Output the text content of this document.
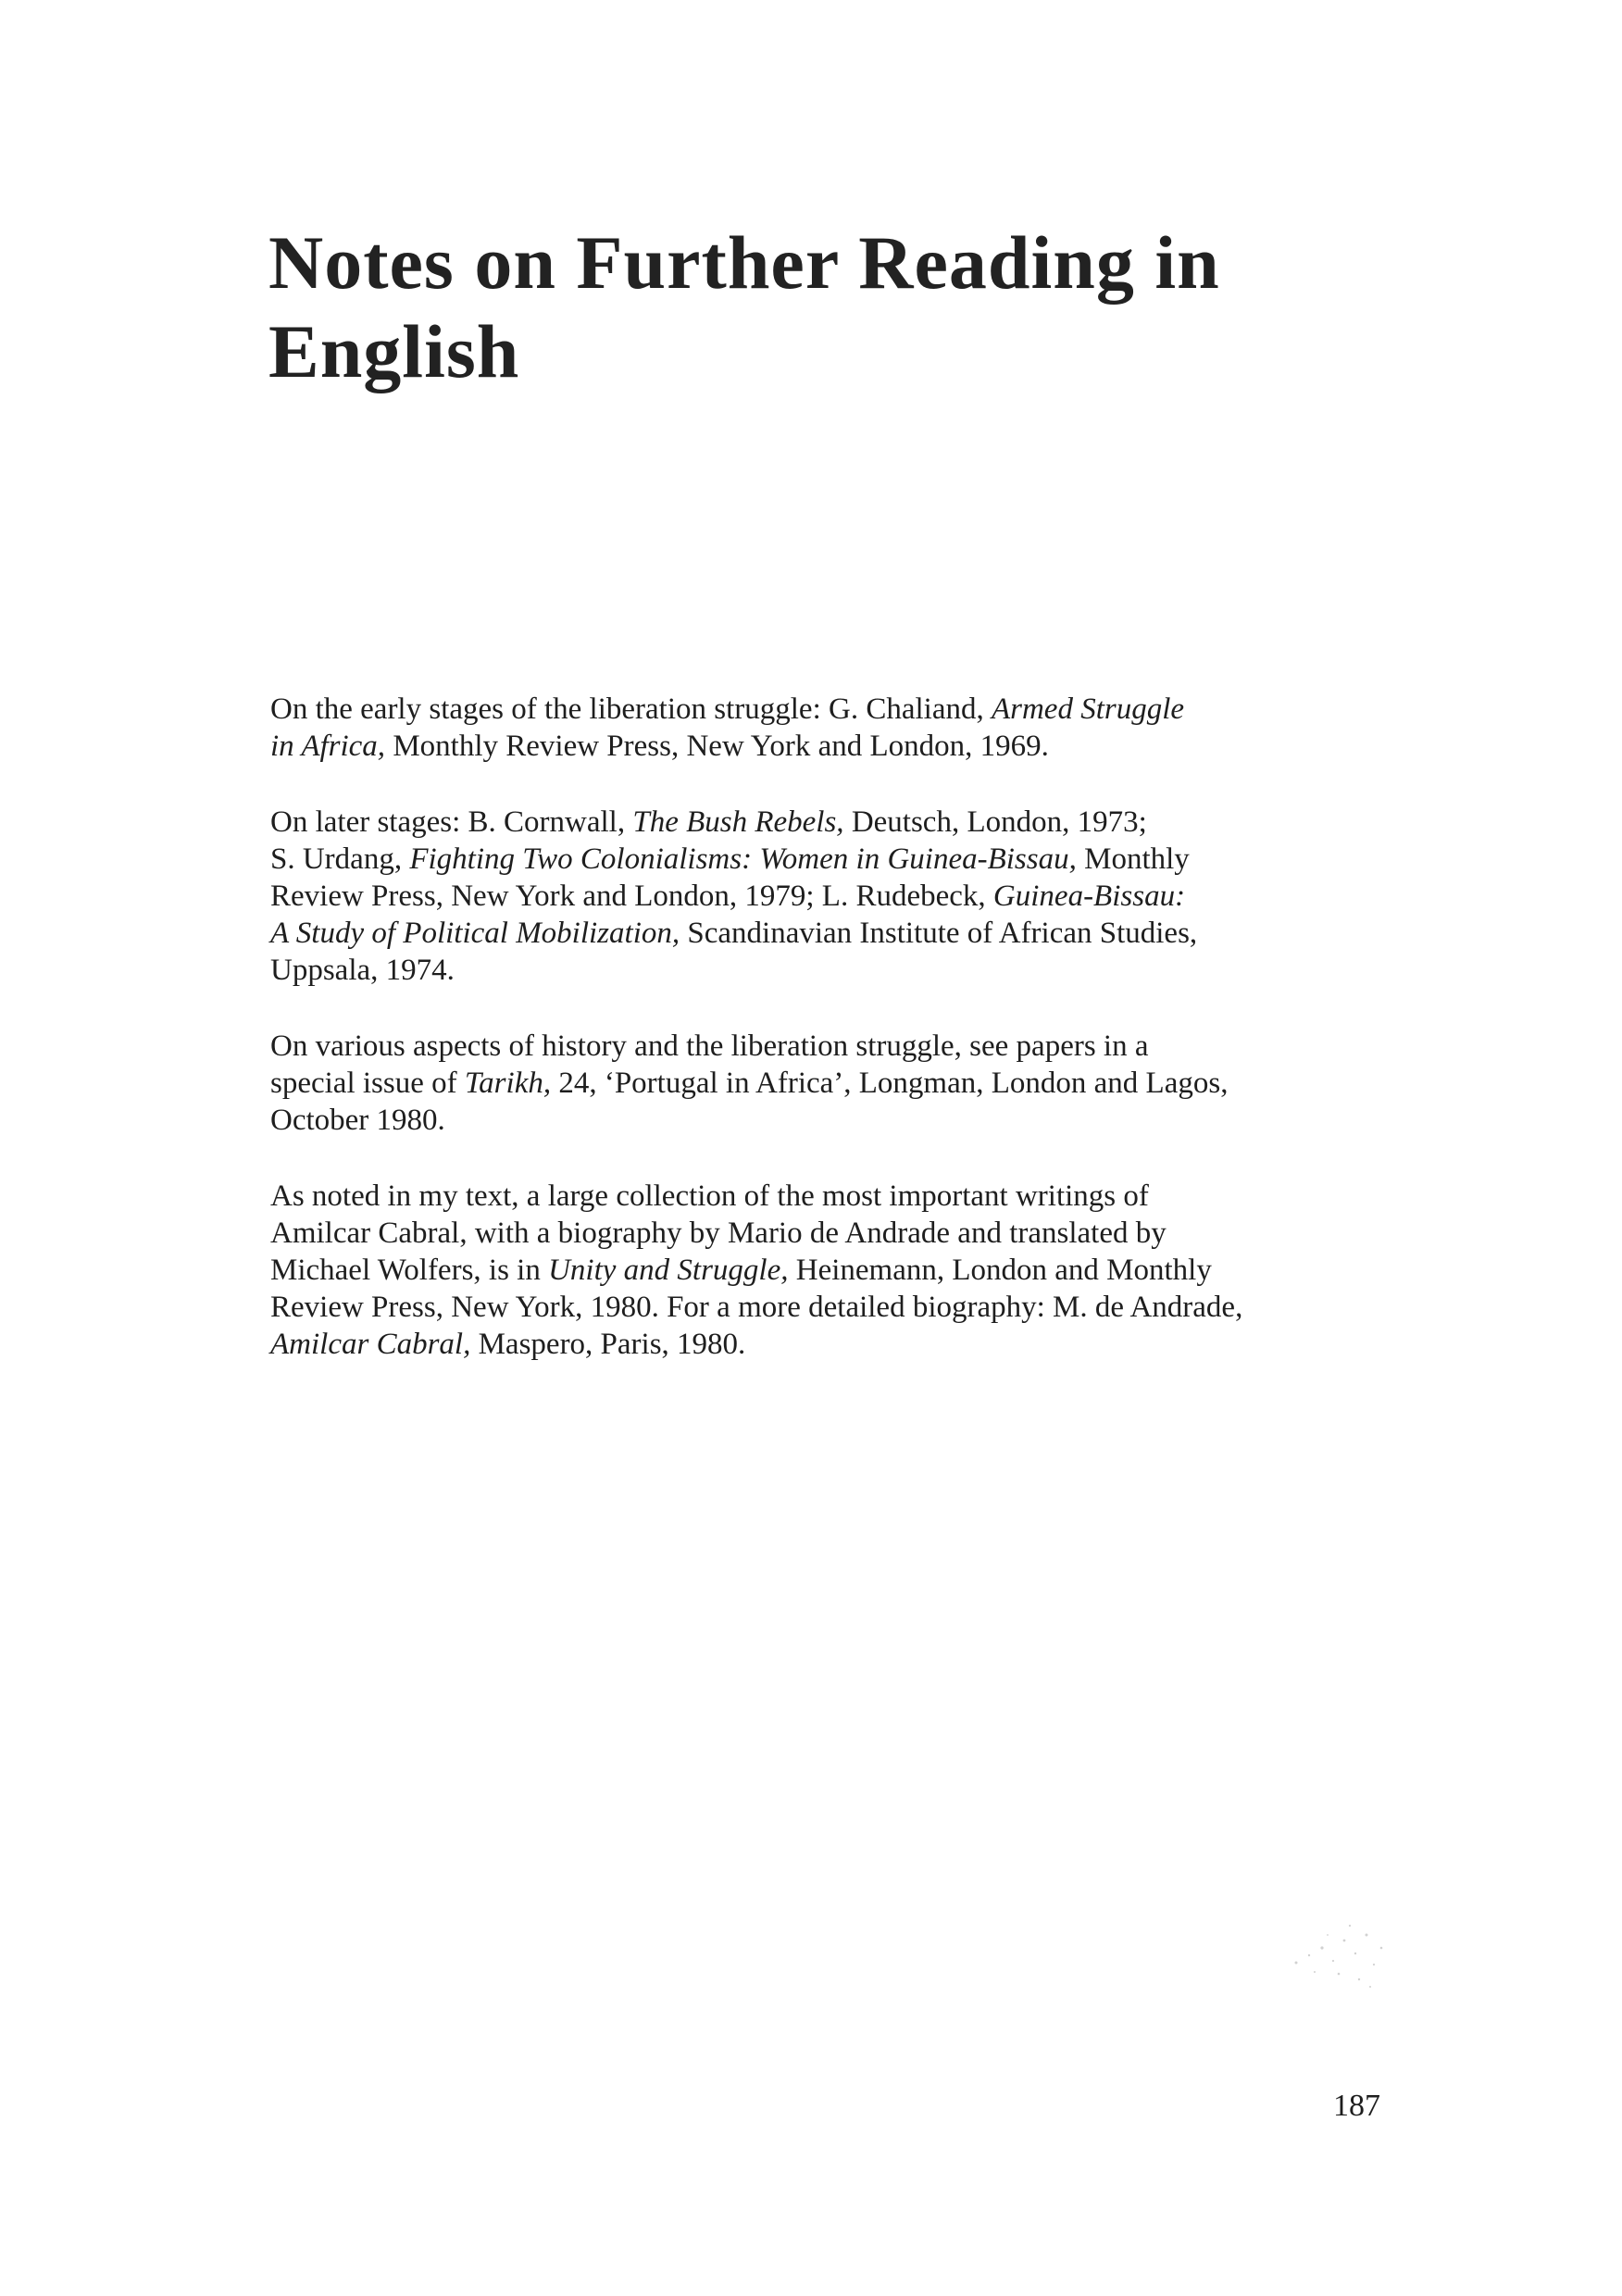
Notes on Further Reading in
English

On the early stages of the liberation struggle: G. Chaliand, Armed Struggle
in Africa, Monthly Review Press, New York and London, 1969.

On later stages: B. Cornwall, The Bush Rebels, Deutsch, London, 1973;
S. Urdang, Fighting Two Colonialisms: Women in Guinea-Bissau, Monthly
Review Press, New York and London, 1979; L. Rudebeck, Guinea-Bissau:
A Study of Political Mobilization, Scandinavian Institute of African Studies,
Uppsala, 1974.

On various aspects of history and the liberation struggle, see papers in a
special issue of Tarikh, 24, ‘Portugal in Africa’, Longman, London and Lagos,
October 1980.

As noted in my text, a large collection of the most important writings of
Amilcar Cabral, with a biography by Mario de Andrade and translated by
Michael Wolfers, is in Unity and Struggle, Heinemann, London and Monthly
Review Press, New York, 1980. For a more detailed biography: M. de Andrade,
Amilcar Cabral, Maspero, Paris, 1980.

187
